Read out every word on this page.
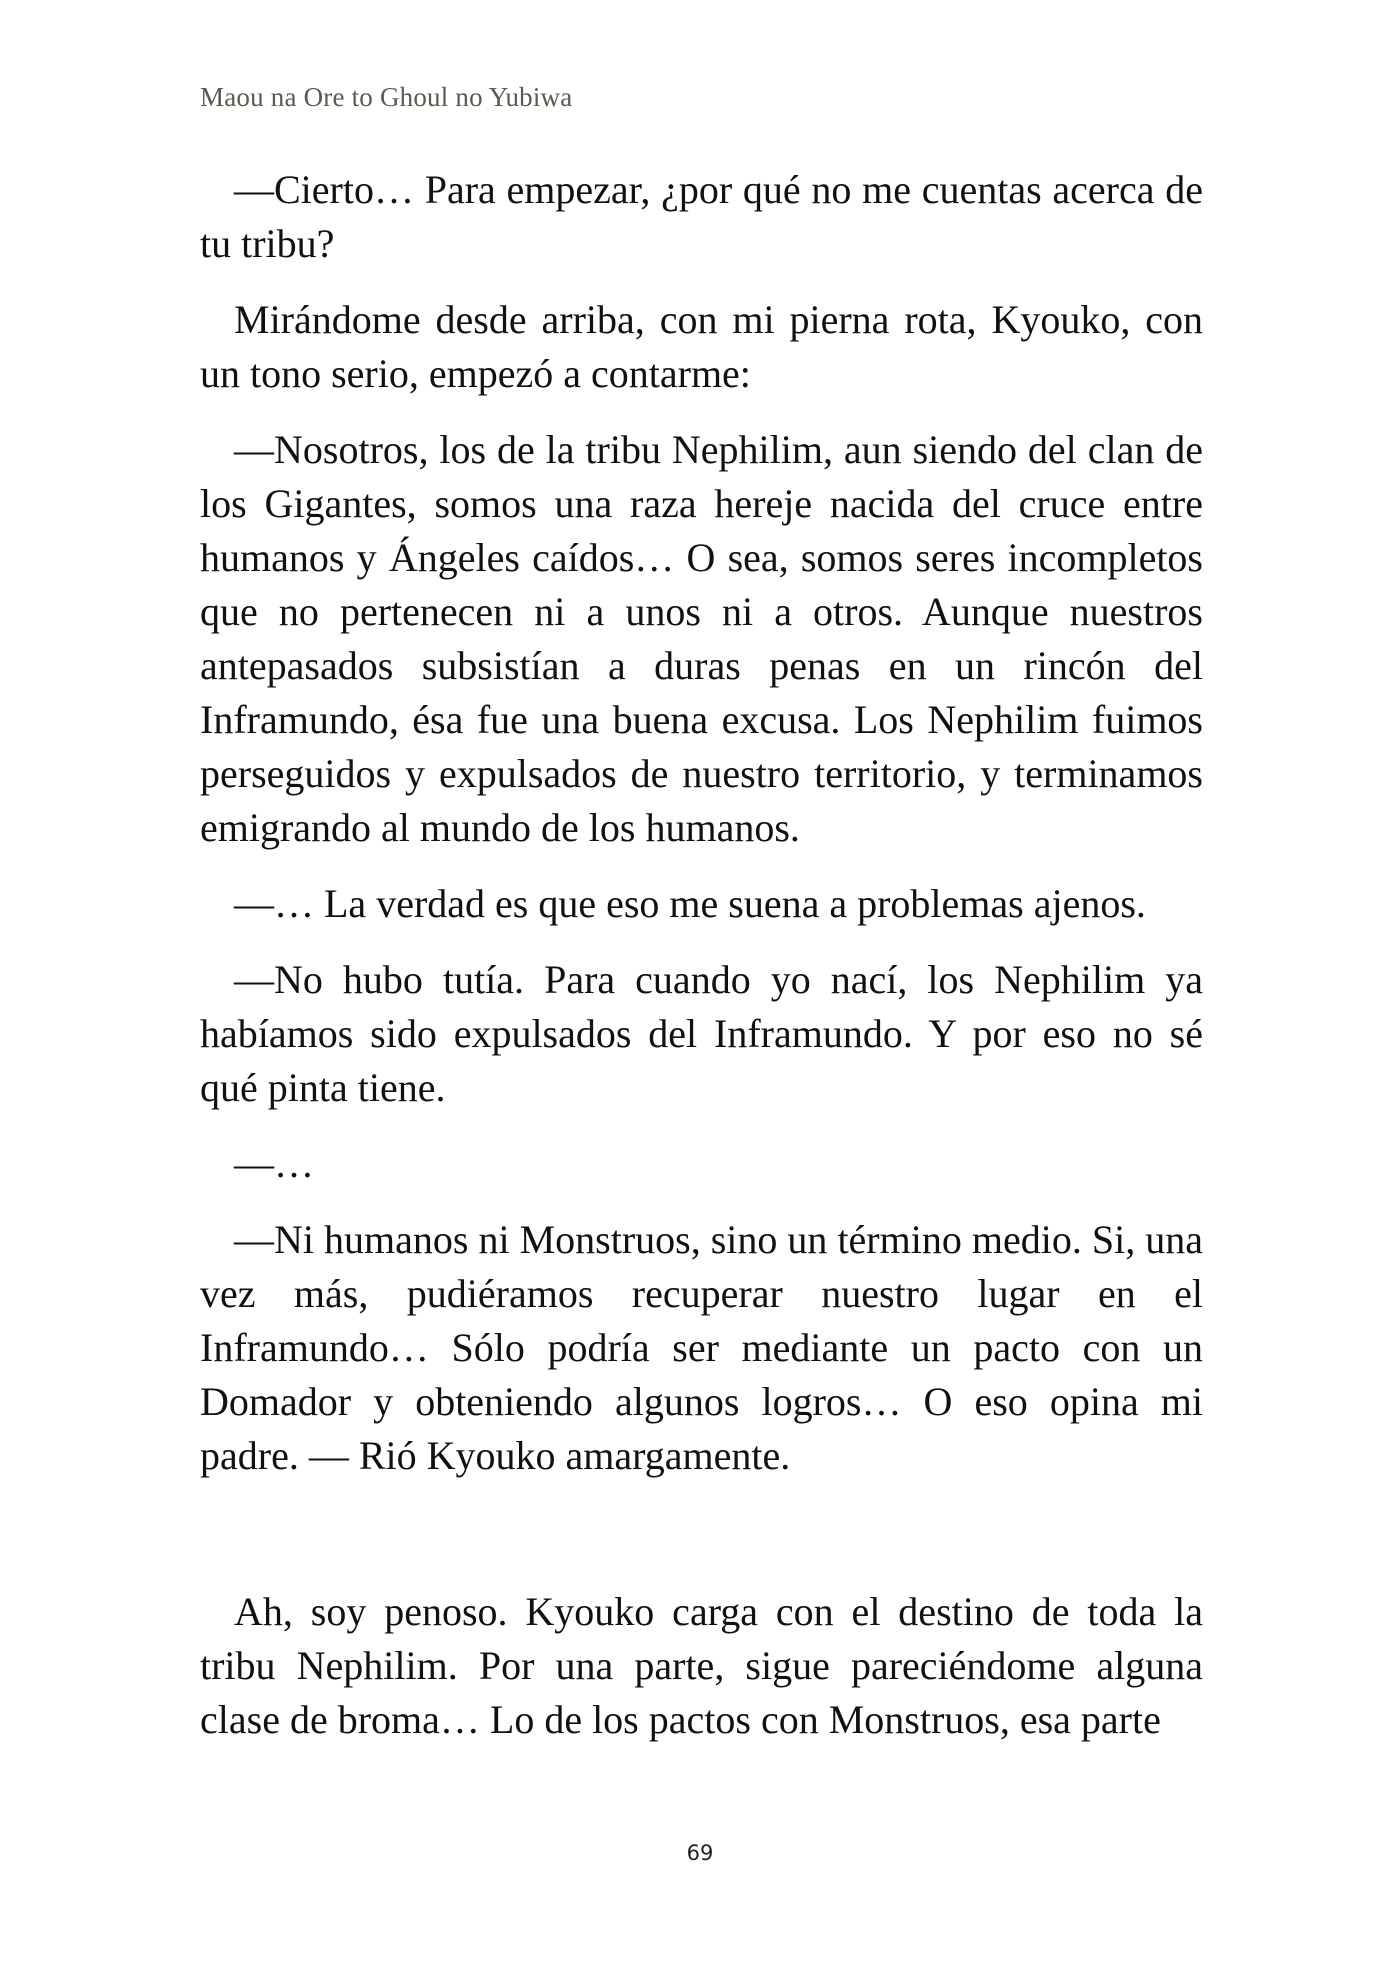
Maou na Ore to Ghoul no Yubiwa

—Cierto… Para empezar, ¿por qué no me cuentas acerca de tu tribu?

Mirándome desde arriba, con mi pierna rota, Kyouko, con un tono serio, empezó a contarme:

—Nosotros, los de la tribu Nephilim, aun siendo del clan de los Gigantes, somos una raza hereje nacida del cruce entre humanos y Ángeles caídos… O sea, somos seres incompletos que no pertenecen ni a unos ni a otros. Aunque nuestros antepasados subsistían a duras penas en un rincón del Inframundo, ésa fue una buena excusa. Los Nephilim fuimos perseguidos y expulsados de nuestro territorio, y terminamos emigrando al mundo de los humanos.

—… La verdad es que eso me suena a problemas ajenos.

—No hubo tutía. Para cuando yo nací, los Nephilim ya habíamos sido expulsados del Inframundo. Y por eso no sé qué pinta tiene.

—…

—Ni humanos ni Monstruos, sino un término medio. Si, una vez más, pudiéramos recuperar nuestro lugar en el Inframundo… Sólo podría ser mediante un pacto con un Domador y obteniendo algunos logros… O eso opina mi padre. — Rió Kyouko amargamente.

Ah, soy penoso. Kyouko carga con el destino de toda la tribu Nephilim. Por una parte, sigue pareciéndome alguna clase de broma… Lo de los pactos con Monstruos, esa parte

69
